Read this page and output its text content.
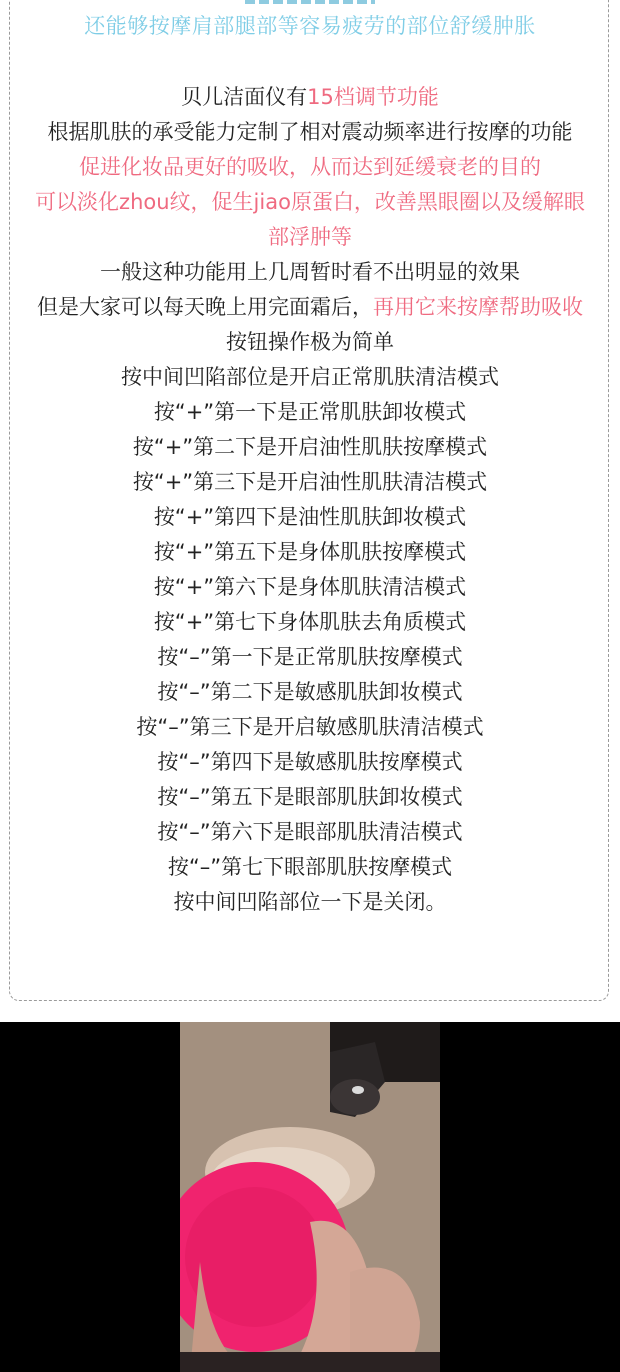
还能够按摩肩部腿部等容易疲劳的部位舒缓肿胀
贝儿洁面仪有15档调节功能
根据肌肤的承受能力定制了相对震动频率进行按摩的功能
促进化妆品更好的吸收，从而达到延缓衰老的目的
可以淡化zhou纹，促生jiao原蛋白，改善黑眼圈以及缓解眼部浮肿等
一般这种功能用上几周暂时看不出明显的效果
但是大家可以每天晚上用完面霜后，再用它来按摩帮助吸收
按钮操作极为简单
按中间凹陷部位是开启正常肌肤清洁模式
按“+”第一下是正常肌肤卸妆模式
按“+”第二下是开启油性肌肤按摩模式
按“+”第三下是开启油性肌肤清洁模式
按“+”第四下是油性肌肤卸妆模式
按“+”第五下是身体肌肤按摩模式
按“+”第六下是身体肌肤清洁模式
按“+”第七下身体肌肤去角质模式
按“–”第一下是正常肌肤按摩模式
按“–”第二下是敏感肌肤卸妆模式
按“–”第三下是开启敏感肌肤清洁模式
按“–”第四下是敏感肌肤按摩模式
按“–”第五下是眼部肌肤卸妆模式
按“–”第六下是眼部肌肤清洁模式
按“–”第七下眼部肌肤按摩模式
按中间凹陷部位一下是关闭。
